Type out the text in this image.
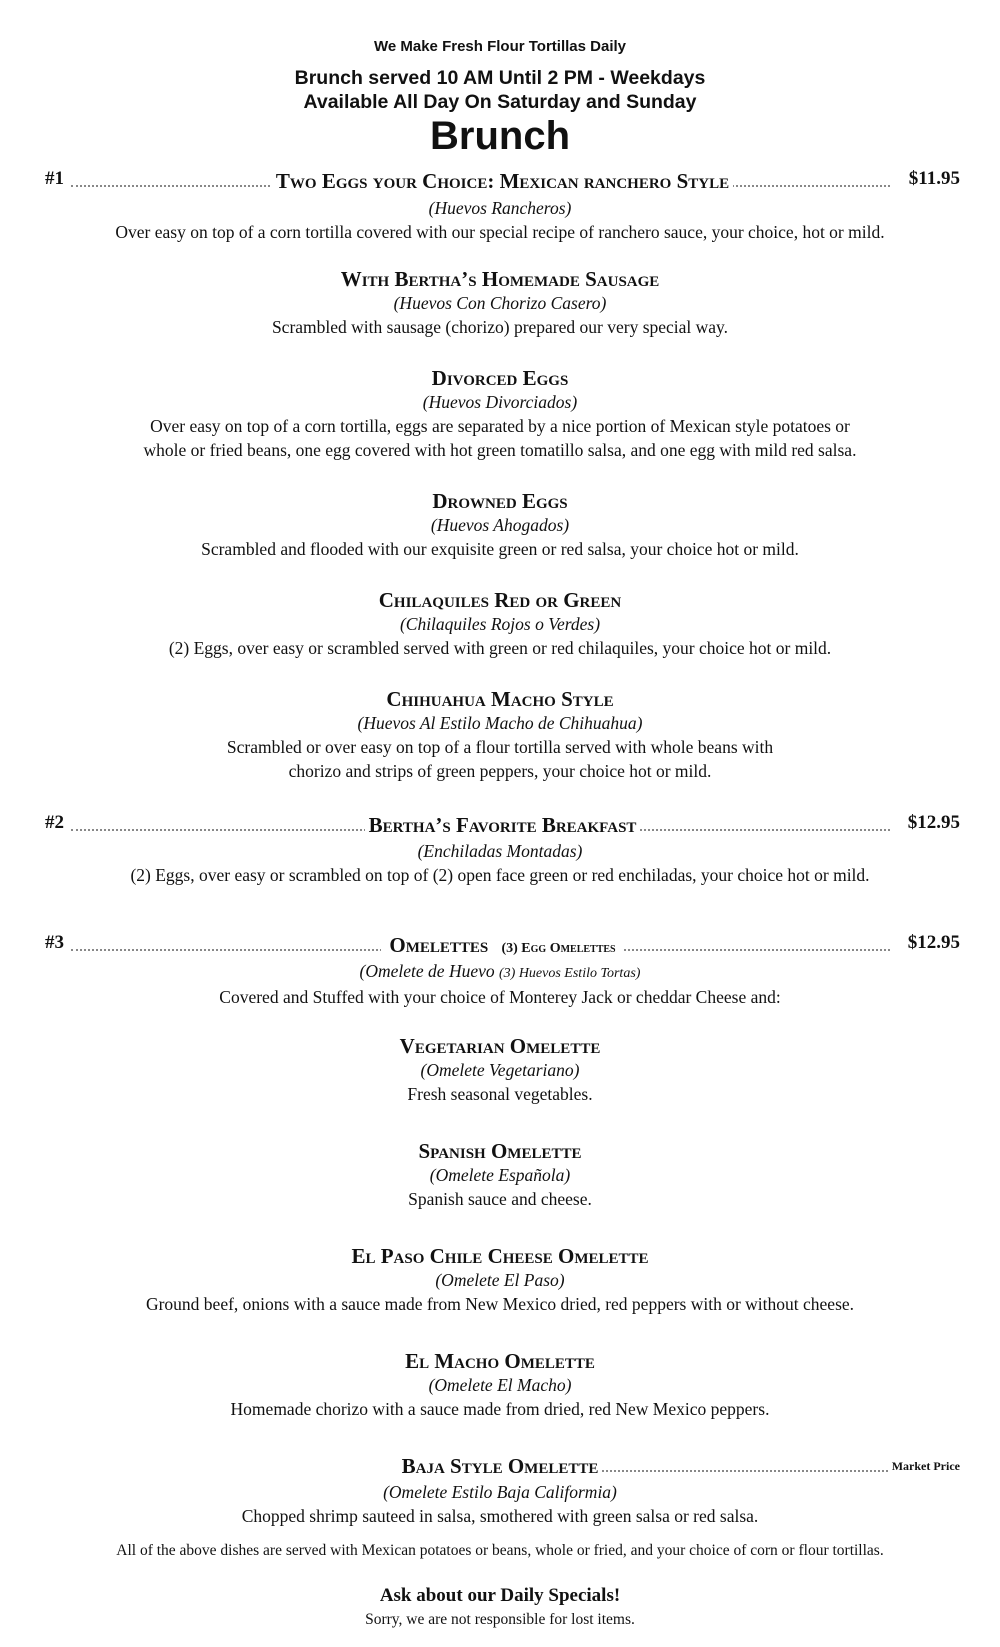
We Make Fresh Flour Tortillas Daily
Brunch served 10 AM Until 2 PM - Weekdays
Available All Day On Saturday and Sunday
Brunch
Two Eggs your Choice: Mexican ranchero Style
#1	$11.95
(Huevos Rancheros)
Over easy on top of a corn tortilla covered with our special recipe of ranchero sauce, your choice, hot or mild.
With Bertha’s Homemade Sausage
(Huevos Con Chorizo Casero)
Scrambled with sausage (chorizo) prepared our very special way.
Divorced Eggs
(Huevos Divorciados)
Over easy on top of a corn tortilla, eggs are separated by a nice portion of Mexican style potatoes or
whole or fried beans, one egg covered with hot green tomatillo salsa, and one egg with mild red salsa.
Drowned Eggs
(Huevos Ahogados)
Scrambled and flooded with our exquisite green or red salsa, your choice hot or mild.
Chilaquiles Red or Green
(Chilaquiles Rojos o Verdes)
(2) Eggs, over easy or scrambled served with green or red chilaquiles, your choice hot or mild.
Chihuahua Macho Style
(Huevos Al Estilo Macho de Chihuahua)
Scrambled or over easy on top of a flour tortilla served with whole beans with
chorizo and strips of green peppers, your choice hot or mild.
Bertha’s Favorite Breakfast
#2	$12.95
(Enchiladas Montadas)
(2) Eggs, over easy or scrambled on top of (2) open face green or red enchiladas, your choice hot or mild.
Omelettes (3) Egg Omelettes
#3	$12.95
(Omelete de Huevo (3) Huevos Estilo Tortas)
Covered and Stuffed with your choice of Monterey Jack or cheddar Cheese and:
Vegetarian Omelette
(Omelete Vegetariano)
Fresh seasonal vegetables.
Spanish Omelette
(Omelete Española)
Spanish sauce and cheese.
El Paso Chile Cheese Omelette
(Omelete El Paso)
Ground beef, onions with a sauce made from New Mexico dried, red peppers with or without cheese.
El Macho Omelette
(Omelete El Macho)
Homemade chorizo with a sauce made from dried, red New Mexico peppers.
Baja Style Omelette	Market Price
(Omelete Estilo Baja Califormia)
Chopped shrimp sauteed in salsa, smothered with green salsa or red salsa.
All of the above dishes are served with Mexican potatoes or beans, whole or fried, and your choice of corn or flour tortillas.
Ask about our Daily Specials!
Sorry, we are not responsible for lost items.
